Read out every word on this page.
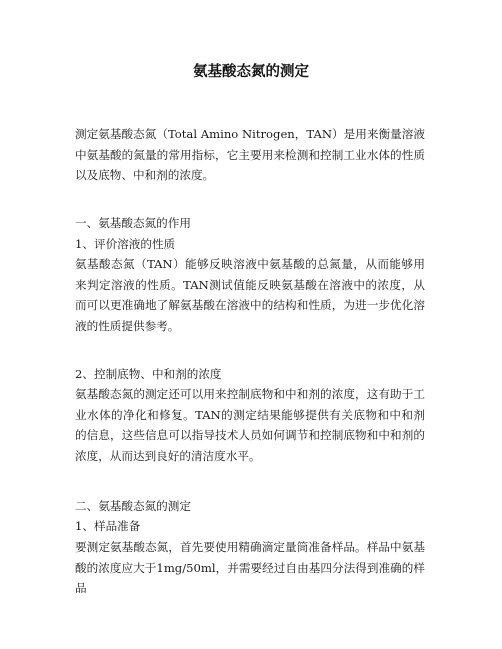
氨基酸态氮的测定

测定氨基酸态氮（Total Amino Nitrogen，TAN）是用来衡量溶液中氨基酸的氮量的常用指标，它主要用来检测和控制工业水体的性质以及底物、中和剂的浓度。

一、氨基酸态氮的作用
1、评价溶液的性质

氨基酸态氮（TAN）能够反映溶液中氨基酸的总氮量，从而能够用来判定溶液的性质。TAN测试值能反映氨基酸在溶液中的浓度，从而可以更准确地了解氨基酸在溶液中的结构和性质，为进一步优化溶液的性质提供参考。

2、控制底物、中和剂的浓度

氨基酸态氮的测定还可以用来控制底物和中和剂的浓度，这有助于工业水体的净化和修复。TAN的测定结果能够提供有关底物和中和剂的信息，这些信息可以指导技术人员如何调节和控制底物和中和剂的浓度，从而达到良好的清洁度水平。

二、氨基酸态氮的测定
1、样品准备

要测定氨基酸态氮，首先要使用精确滴定量筒准备样品。样品中氨基酸的浓度应大于1mg/50ml，并需要经过自由基四分法得到准确的样品
